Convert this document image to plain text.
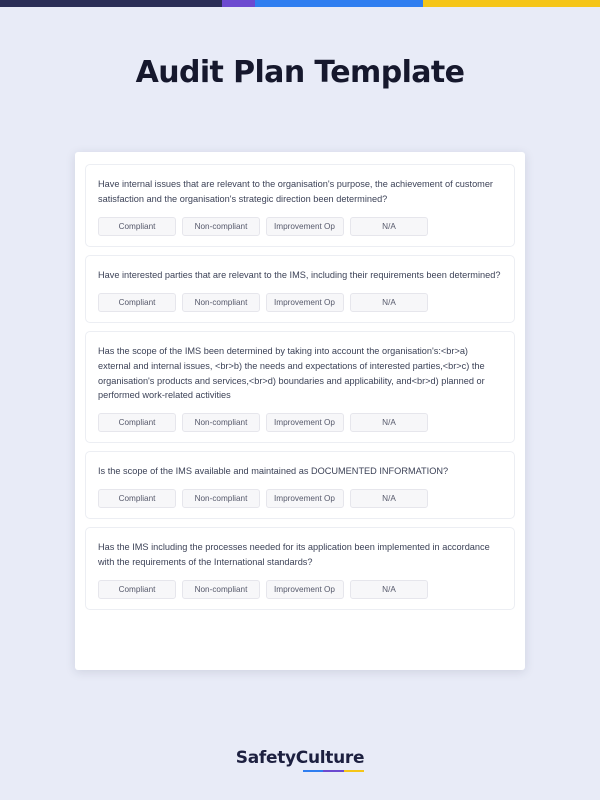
Audit Plan Template

Have internal issues that are relevant to the organisation's purpose, the achievement of customer satisfaction and the organisation's strategic direction been determined?

Compliant	Non-compliant	Improvement Op	N/A

Have interested parties that are relevant to the IMS, including their requirements been determined?

Compliant	Non-compliant	Improvement Op	N/A

Has the scope of the IMS been determined by taking into account the organisation's:<br>a) external and internal issues, <br>b) the needs and expectations of interested parties,<br>c) the organisation's products and services,<br>d) boundaries and applicability, and<br>d) planned or performed work-related activities

Compliant	Non-compliant	Improvement Op	N/A

Is the scope of the IMS available and maintained as DOCUMENTED INFORMATION?

Compliant	Non-compliant	Improvement Op	N/A

Has the IMS including the processes needed for its application been implemented in accordance with the requirements of the International standards?

Compliant	Non-compliant	Improvement Op	N/A
SafetyCulture
